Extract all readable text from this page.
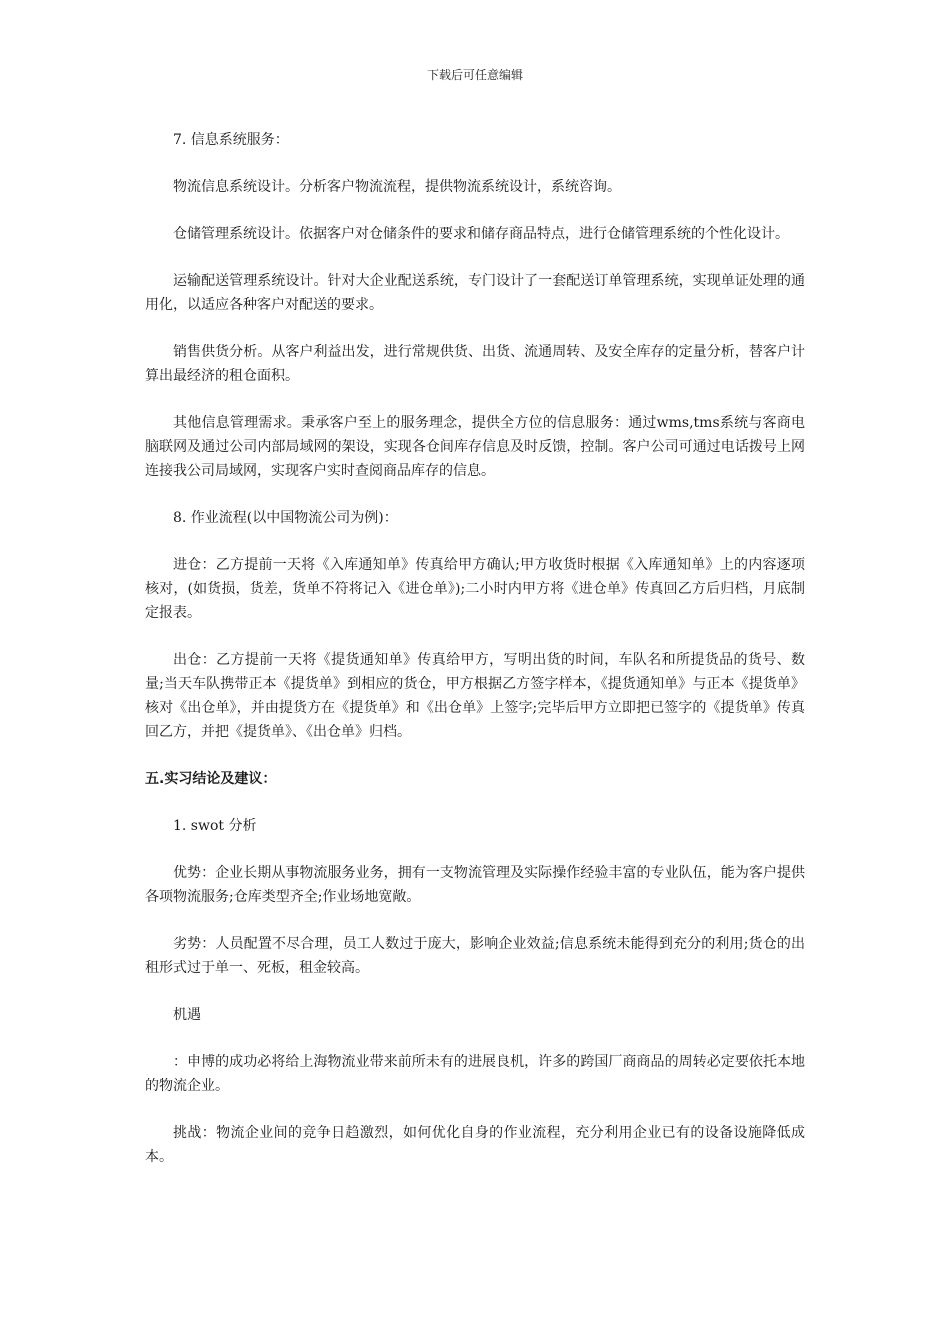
下载后可任意编辑

7. 信息系统服务：

物流信息系统设计。分析客户物流流程，提供物流系统设计，系统咨询。

仓储管理系统设计。依据客户对仓储条件的要求和储存商品特点，进行仓储管理系统的个性化设计。

运输配送管理系统设计。针对大企业配送系统，专门设计了一套配送订单管理系统，实现单证处理的通用化，以适应各种客户对配送的要求。

销售供货分析。从客户利益出发，进行常规供货、出货、流通周转、及安全库存的定量分析，替客户计算出最经济的租仓面积。

其他信息管理需求。秉承客户至上的服务理念，提供全方位的信息服务：通过wms,tms系统与客商电脑联网及通过公司内部局域网的架设，实现各仓间库存信息及时反馈，控制。客户公司可通过电话拨号上网连接我公司局域网，实现客户实时查阅商品库存的信息。

8. 作业流程(以中国物流公司为例)：

进仓：乙方提前一天将《入库通知单》传真给甲方确认;甲方收货时根据《入库通知单》上的内容逐项核对，(如货损，货差，货单不符将记入《进仓单》);二小时内甲方将《进仓单》传真回乙方后归档，月底制定报表。

出仓：乙方提前一天将《提货通知单》传真给甲方，写明出货的时间，车队名和所提货品的货号、数量;当天车队携带正本《提货单》到相应的货仓，甲方根据乙方签字样本，《提货通知单》与正本《提货单》核对《出仓单》，并由提货方在《提货单》和《出仓单》上签字;完毕后甲方立即把已签字的《提货单》传真回乙方，并把《提货单》、《出仓单》归档。

五.实习结论及建议：

1. swot 分析

优势：企业长期从事物流服务业务，拥有一支物流管理及实际操作经验丰富的专业队伍，能为客户提供各项物流服务;仓库类型齐全;作业场地宽敞。

劣势：人员配置不尽合理，员工人数过于庞大，影响企业效益;信息系统未能得到充分的利用;货仓的出租形式过于单一、死板，租金较高。

机遇

：申博的成功必将给上海物流业带来前所未有的进展良机，许多的跨国厂商商品的周转必定要依托本地的物流企业。

挑战：物流企业间的竞争日趋激烈，如何优化自身的作业流程，充分利用企业已有的设备设施降低成本。
